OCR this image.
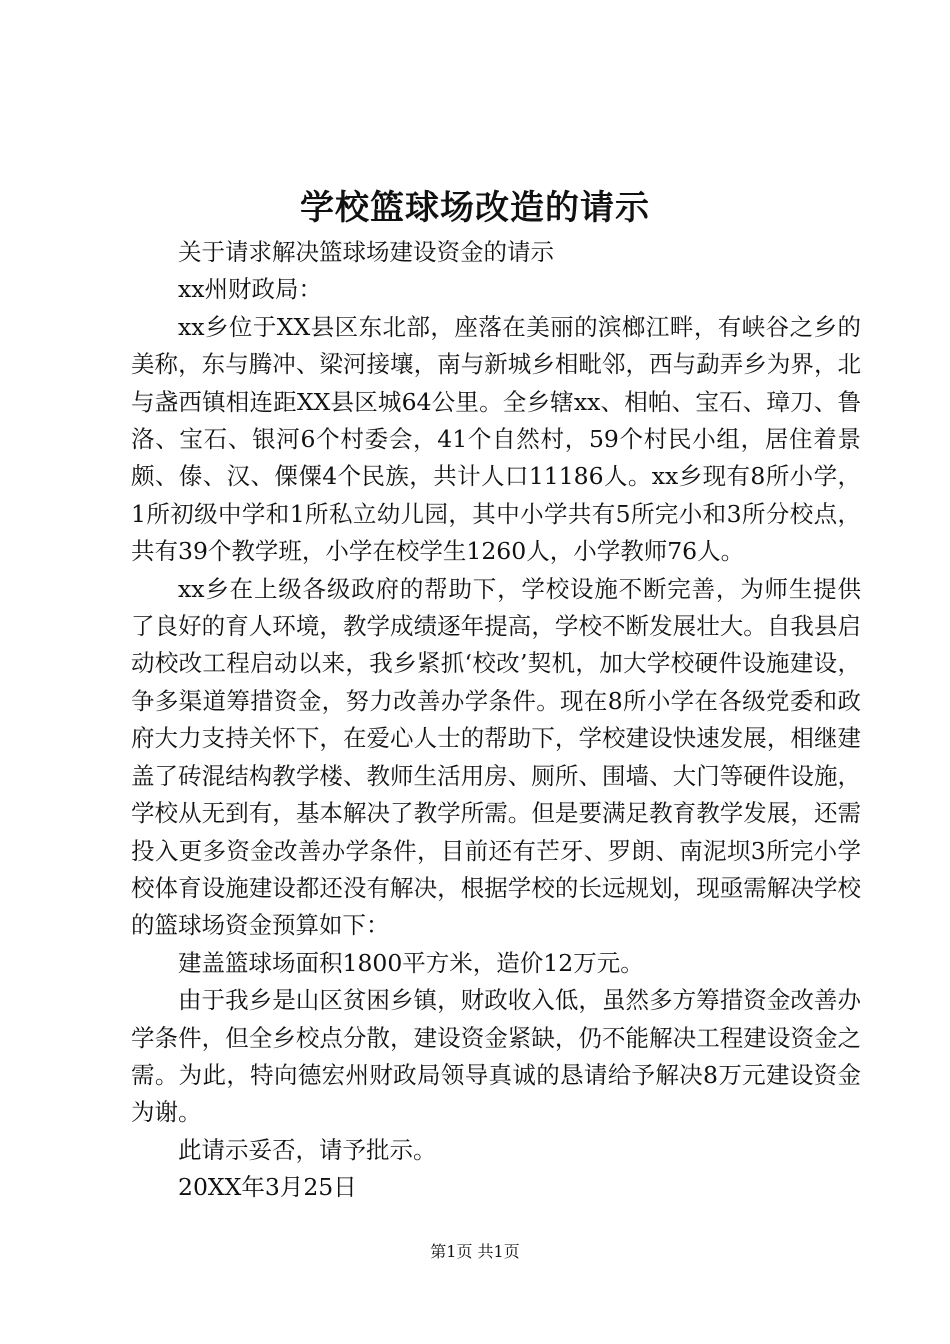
学校篮球场改造的请示

关于请求解决篮球场建设资金的请示

xx州财政局：

xx乡位于XX县区东北部，座落在美丽的滨榔江畔，有峡谷之乡的美称，东与腾冲、梁河接壤，南与新城乡相毗邻，西与勐弄乡为界，北与盏西镇相连距XX县区城64公里。全乡辖xx、相帕、宝石、璋刀、鲁洛、宝石、银河6个村委会，41个自然村，59个村民小组，居住着景颇、傣、汉、傈僳4个民族，共计人口11186人。xx乡现有8所小学，1所初级中学和1所私立幼儿园，其中小学共有5所完小和3所分校点，共有39个教学班，小学在校学生1260人，小学教师76人。

xx乡在上级各级政府的帮助下，学校设施不断完善，为师生提供了良好的育人环境，教学成绩逐年提高，学校不断发展壮大。自我县启动校改工程启动以来，我乡紧抓‘校改’契机，加大学校硬件设施建设，争多渠道筹措资金，努力改善办学条件。现在8所小学在各级党委和政府大力支持关怀下，在爱心人士的帮助下，学校建设快速发展，相继建盖了砖混结构教学楼、教师生活用房、厕所、围墙、大门等硬件设施，学校从无到有，基本解决了教学所需。但是要满足教育教学发展，还需投入更多资金改善办学条件，目前还有芒牙、罗朗、南泥坝3所完小学校体育设施建设都还没有解决，根据学校的长远规划，现亟需解决学校的篮球场资金预算如下：

建盖篮球场面积1800平方米，造价12万元。

由于我乡是山区贫困乡镇，财政收入低，虽然多方筹措资金改善办学条件，但全乡校点分散，建设资金紧缺，仍不能解决工程建设资金之需。为此，特向德宏州财政局领导真诚的恳请给予解决8万元建设资金为谢。

此请示妥否，请予批示。

20XX年3月25日

第1页 共1页
